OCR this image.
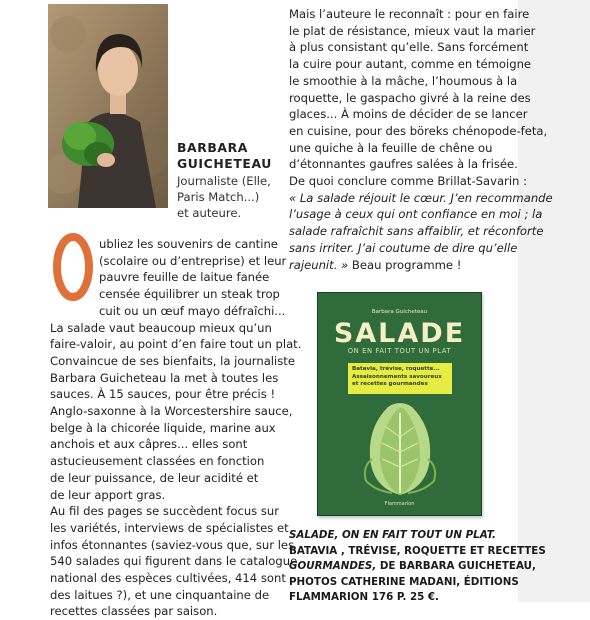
BARBARA
GUICHETEAU
Journaliste (Elle,
Paris Match...)
et auteure.
ubliez les souvenirs de cantine
(scolaire ou d’entreprise) et leur
pauvre feuille de laitue fanée
censée équilibrer un steak trop
cuit ou un œuf mayo défraîchi...
La salade vaut beaucoup mieux qu’un
faire-valoir, au point d’en faire tout un plat.
Convaincue de ses bienfaits, la journaliste
Barbara Guicheteau la met à toutes les
sauces. À 15 sauces, pour être précis !
Anglo-saxonne à la Worcestershire sauce,
belge à la chicorée liquide, marine aux
anchois et aux câpres... elles sont
astucieusement classées en fonction
de leur puissance, de leur acidité et
de leur apport gras.
Au fil des pages se succèdent focus sur
les variétés, interviews de spécialistes et
infos étonnantes (saviez-vous que, sur les
540 salades qui figurent dans le catalogue
national des espèces cultivées, 414 sont
des laitues ?), et une cinquantaine de
recettes classées par saison.
Mais l’auteure le reconnaît : pour en faire
le plat de résistance, mieux vaut la marier
à plus consistant qu’elle. Sans forcément
la cuire pour autant, comme en témoigne
le smoothie à la mâche, l’houmous à la
roquette, le gaspacho givré à la reine des
glaces... À moins de décider de se lancer
en cuisine, pour des böreks chénopode-feta,
une quiche à la feuille de chêne ou
d’étonnantes gaufres salées à la frisée.
De quoi conclure comme Brillat-Savarin :
« La salade réjouit le cœur. J’en recommande
l’usage à ceux qui ont confiance en moi ; la
salade rafraîchit sans affaiblir, et réconforte
sans irriter. J’ai coutume de dire qu’elle
rajeunit. » Beau programme !
Barbara Guicheteau
SALADE
ON EN FAIT TOUT UN PLAT
Batavia, trévise, roquette...
Assaisonnements savoureux
et recettes gourmandes
Flammarion
SALADE, ON EN FAIT TOUT UN PLAT.
BATAVIA , TRÉVISE, ROQUETTE ET RECETTES
GOURMANDES, DE BARBARA GUICHETEAU,
PHOTOS CATHERINE MADANI, ÉDITIONS
FLAMMARION 176 P. 25 €.
